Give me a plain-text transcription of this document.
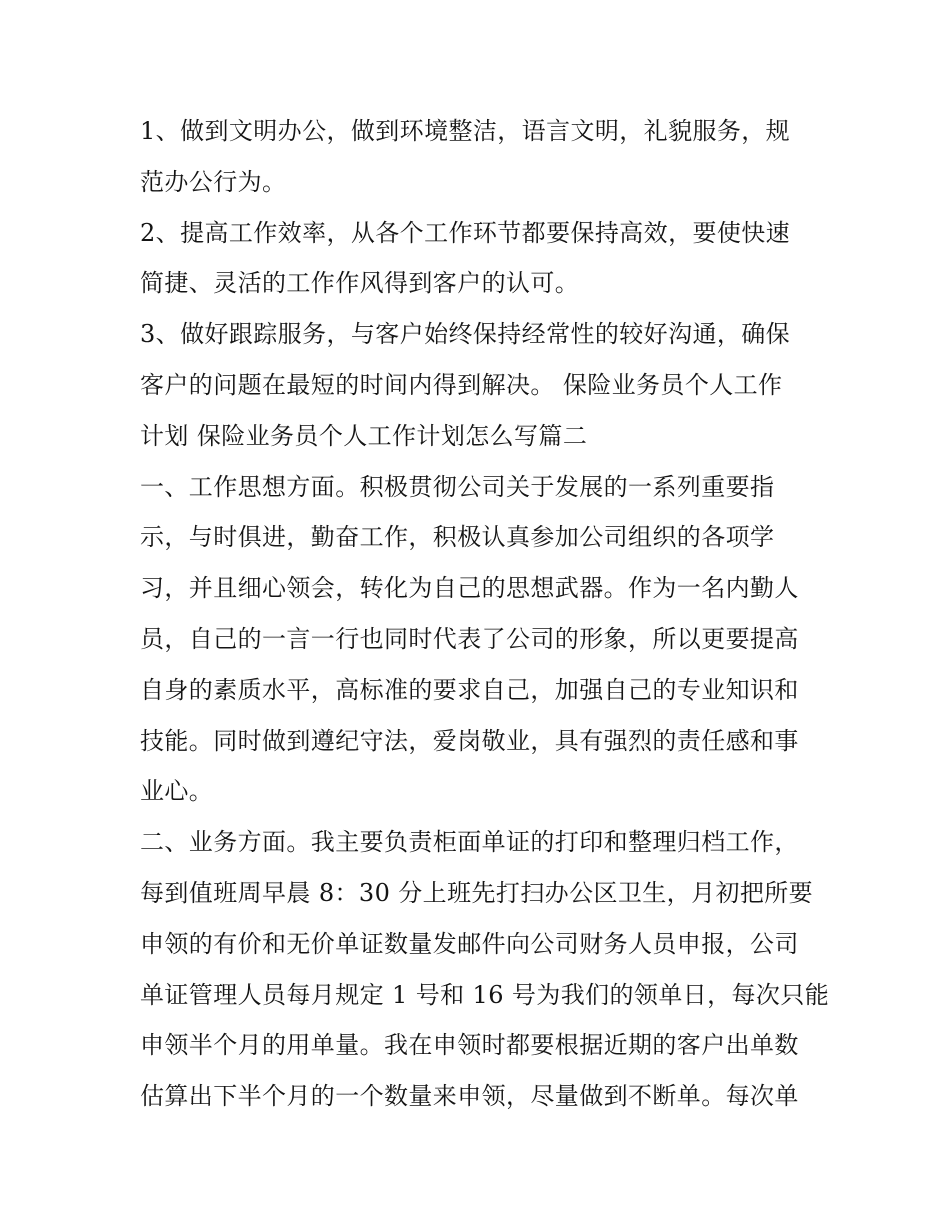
1、做到文明办公，做到环境整洁，语言文明，礼貌服务，规
范办公行为。
2、提高工作效率，从各个工作环节都要保持高效，要使快速
简捷、灵活的工作作风得到客户的认可。
3、做好跟踪服务，与客户始终保持经常性的较好沟通，确保
客户的问题在最短的时间内得到解决。 保险业务员个人工作
计划 保险业务员个人工作计划怎么写篇二
一、工作思想方面。积极贯彻公司关于发展的一系列重要指
示，与时俱进，勤奋工作，积极认真参加公司组织的各项学
习，并且细心领会，转化为自己的思想武器。作为一名内勤人
员，自己的一言一行也同时代表了公司的形象，所以更要提高
自身的素质水平，高标准的要求自己，加强自己的专业知识和
技能。同时做到遵纪守法，爱岗敬业，具有强烈的责任感和事
业心。
二、业务方面。我主要负责柜面单证的打印和整理归档工作，
每到值班周早晨 8：30 分上班先打扫办公区卫生，月初把所要
申领的有价和无价单证数量发邮件向公司财务人员申报，公司
单证管理人员每月规定 1 号和 16 号为我们的领单日，每次只能
申领半个月的用单量。我在申领时都要根据近期的客户出单数
估算出下半个月的一个数量来申领，尽量做到不断单。每次单
